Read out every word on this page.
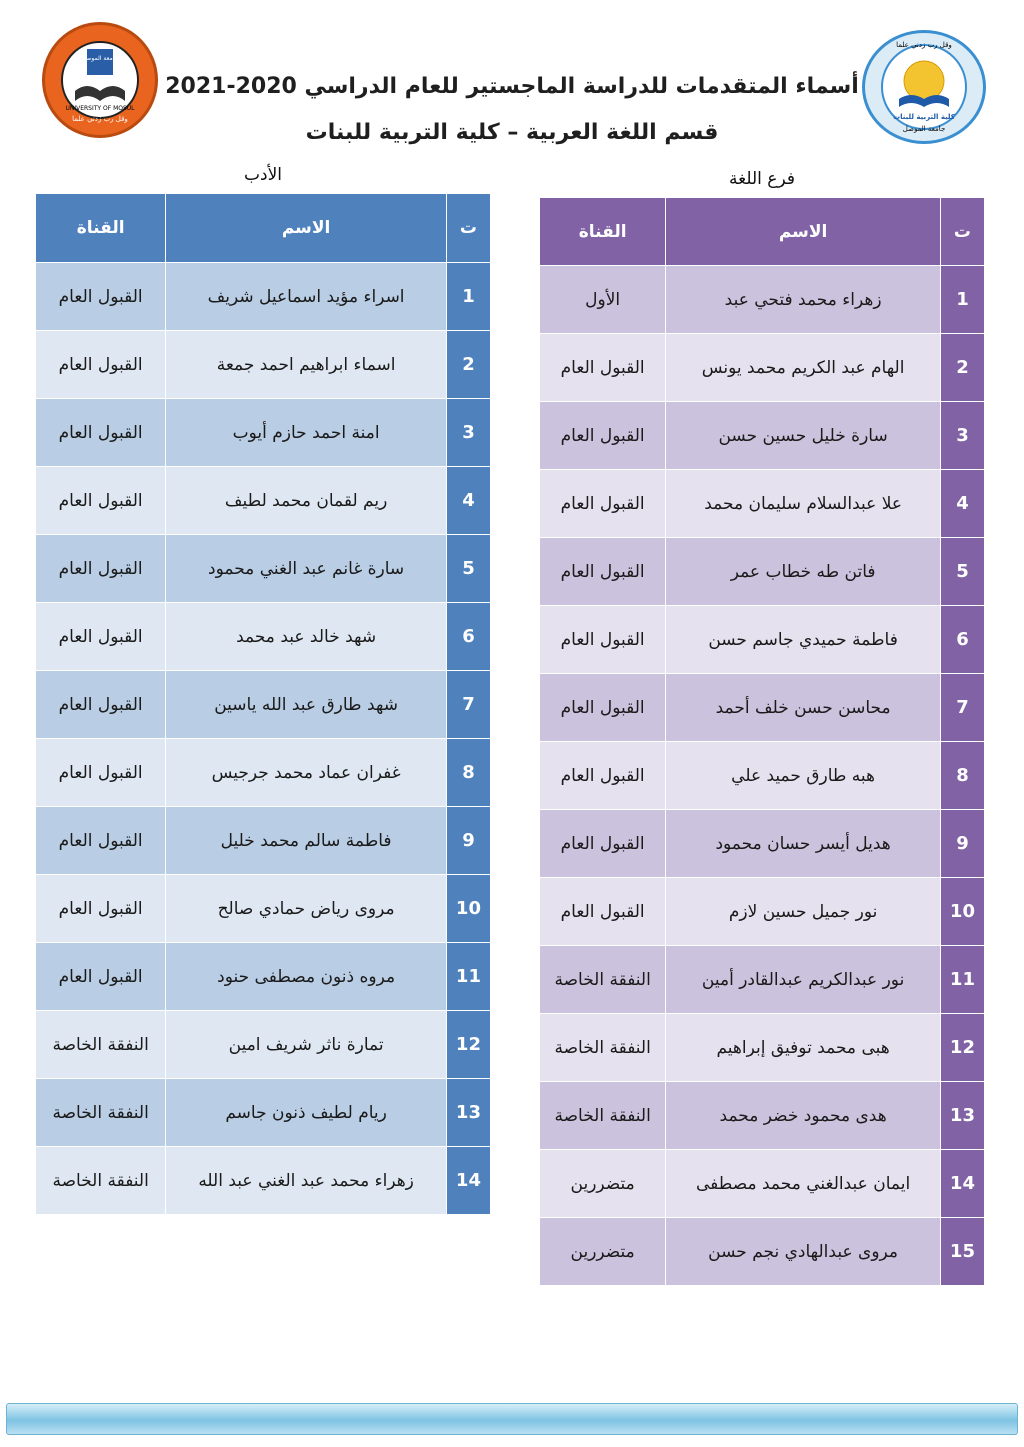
وقل رب زدني علما
كلية التربية للبنات
جامعة الموصل
جامعة الموصل
وقل رب زدني علما
UNIVERSITY OF MOSUL
أسماء المتقدمات للدراسة الماجستير للعام الدراسي 2020-2021
قسم اللغة العربية – كلية التربية للبنات
فرع اللغة
الأدب
ت	الاسم	القناة
1	زهراء محمد فتحي عبد	الأول
2	الهام عبد الكريم محمد يونس	القبول العام
3	سارة خليل حسين حسن	القبول العام
4	علا عبدالسلام سليمان محمد	القبول العام
5	فاتن طه خطاب عمر	القبول العام
6	فاطمة حميدي جاسم حسن	القبول العام
7	محاسن حسن خلف أحمد	القبول العام
8	هبه طارق حميد علي	القبول العام
9	هديل أيسر حسان محمود	القبول العام
10	نور جميل حسين لازم	القبول العام
11	نور عبدالكريم عبدالقادر أمين	النفقة الخاصة
12	هبى محمد توفيق إبراهيم	النفقة الخاصة
13	هدى محمود خضر محمد	النفقة الخاصة
14	ايمان عبدالغني محمد مصطفى	متضررين
15	مروى عبدالهادي نجم حسن	متضررين
ت	الاسم	القناة
1	اسراء مؤيد اسماعيل شريف	القبول العام
2	اسماء ابراهيم احمد جمعة	القبول العام
3	امنة احمد حازم أيوب	القبول العام
4	ريم لقمان محمد لطيف	القبول العام
5	سارة غانم عبد الغني محمود	القبول العام
6	شهد خالد عبد محمد	القبول العام
7	شهد طارق عبد الله ياسين	القبول العام
8	غفران عماد محمد جرجيس	القبول العام
9	فاطمة سالم محمد خليل	القبول العام
10	مروى رياض حمادي صالح	القبول العام
11	مروه ذنون مصطفى حنود	القبول العام
12	تمارة ناثر شريف امين	النفقة الخاصة
13	ريام لطيف ذنون جاسم	النفقة الخاصة
14	زهراء محمد عبد الغني عبد الله	النفقة الخاصة
